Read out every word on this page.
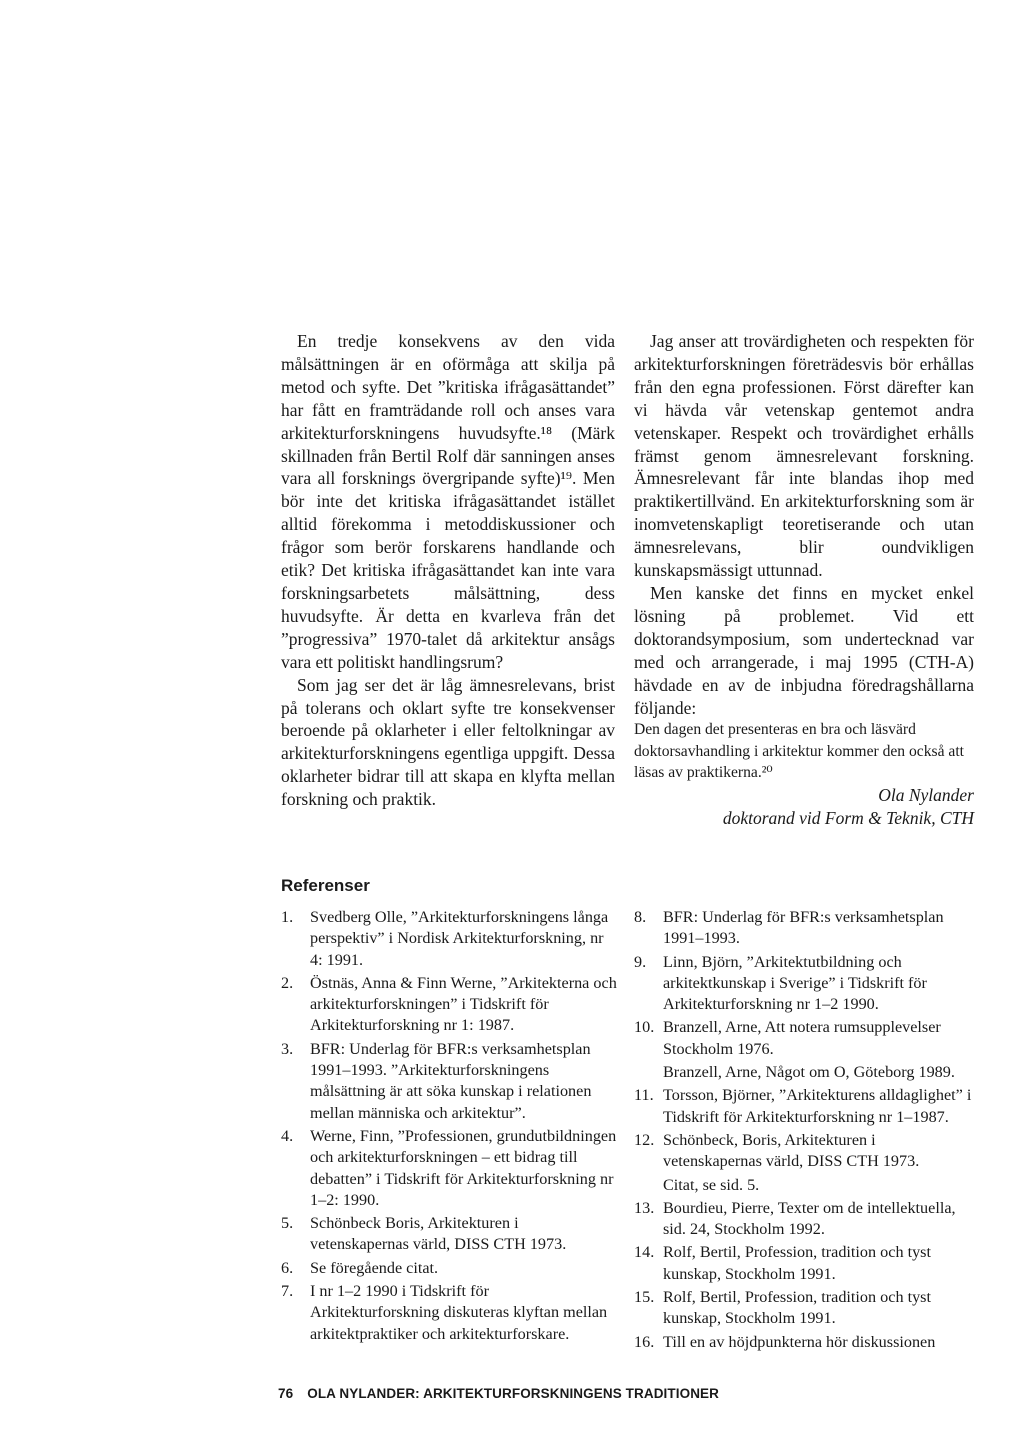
En tredje konsekvens av den vida målsättningen är en oförmåga att skilja på metod och syfte. Det ”kritiska ifrågasättandet” har fått en framträdande roll och anses vara arkitekturforskningens huvudsyfte.¹⁸ (Märk skillnaden från Bertil Rolf där sanningen anses vara all forsknings övergripande syfte)¹⁹. Men bör inte det kritiska ifrågasättandet istället alltid förekomma i metoddiskussioner och frågor som berör forskarens handlande och etik? Det kritiska ifrågasättandet kan inte vara forskningsarbetets målsättning, dess huvudsyfte. Är detta en kvarleva från det ”progressiva” 1970-talet då arkitektur ansågs vara ett politiskt handlingsrum?

Som jag ser det är låg ämnesrelevans, brist på tolerans och oklart syfte tre konsekvenser beroende på oklarheter i eller feltolkningar av arkitekturforskningens egentliga uppgift. Dessa oklarheter bidrar till att skapa en klyfta mellan forskning och praktik.

Jag anser att trovärdigheten och respekten för arkitekturforskningen företrädesvis bör erhållas från den egna professionen. Först därefter kan vi hävda vår vetenskap gentemot andra vetenskaper. Respekt och trovärdighet erhålls främst genom ämnesrelevant forskning. Ämnesrelevant får inte blandas ihop med praktikertillvänd. En arkitekturforskning som är inomvetenskapligt teoretiserande och utan ämnesrelevans, blir oundvikligen kunskapsmässigt uttunnad.

Men kanske det finns en mycket enkel lösning på problemet. Vid ett doktorandsymposium, som undertecknad var med och arrangerade, i maj 1995 (CTH-A) hävdade en av de inbjudna föredragshållarna följande:

Den dagen det presenteras en bra och läsvärd doktorsavhandling i arkitektur kommer den också att läsas av praktikerna.²⁰

Ola Nylander
doktorand vid Form & Teknik, CTH
Referenser
1.	Svedberg Olle, ”Arkitekturforskningens långa perspektiv” i Nordisk Arkitekturforskning, nr 4: 1991.
2.	Östnäs, Anna & Finn Werne, ”Arkitekterna och arkitekturforskningen” i Tidskrift för Arkitekturforskning nr 1: 1987.
3.	BFR: Underlag för BFR:s verksamhetsplan 1991–1993. ”Arkitekturforskningens målsättning är att söka kunskap i relationen mellan människa och arkitektur”.
4.	Werne, Finn, ”Professionen, grundutbildningen och arkitekturforskningen – ett bidrag till debatten” i Tidskrift för Arkitekturforskning nr 1–2: 1990.
5.	Schönbeck Boris, Arkitekturen i vetenskapernas värld, DISS CTH 1973.
6.	Se föregående citat.
7.	I nr 1–2 1990 i Tidskrift för Arkitekturforskning diskuteras klyftan mellan arkitektpraktiker och arkitekturforskare.
8.	BFR: Underlag för BFR:s verksamhetsplan 1991–1993.
9.	Linn, Björn, ”Arkitektutbildning och arkitektkunskap i Sverige” i Tidskrift för Arkitekturforskning nr 1–2 1990.
10. Branzell, Arne, Att notera rumsupplevelser Stockholm 1976.
Branzell, Arne, Något om O, Göteborg 1989.
11. Torsson, Björner, ”Arkitekturens alldaglighet” i Tidskrift för Arkitekturforskning nr 1–1987.
12. Schönbeck, Boris, Arkitekturen i vetenskapernas värld, DISS CTH 1973.
Citat, se sid. 5.
13. Bourdieu, Pierre, Texter om de intellektuella, sid. 24, Stockholm 1992.
14. Rolf, Bertil, Profession, tradition och tyst kunskap, Stockholm 1991.
15. Rolf, Bertil, Profession, tradition och tyst kunskap, Stockholm 1991.
16. Till en av höjdpunkterna hör diskussionen
76 OLA NYLANDER: ARKITEKTURFORSKNINGENS TRADITIONER
